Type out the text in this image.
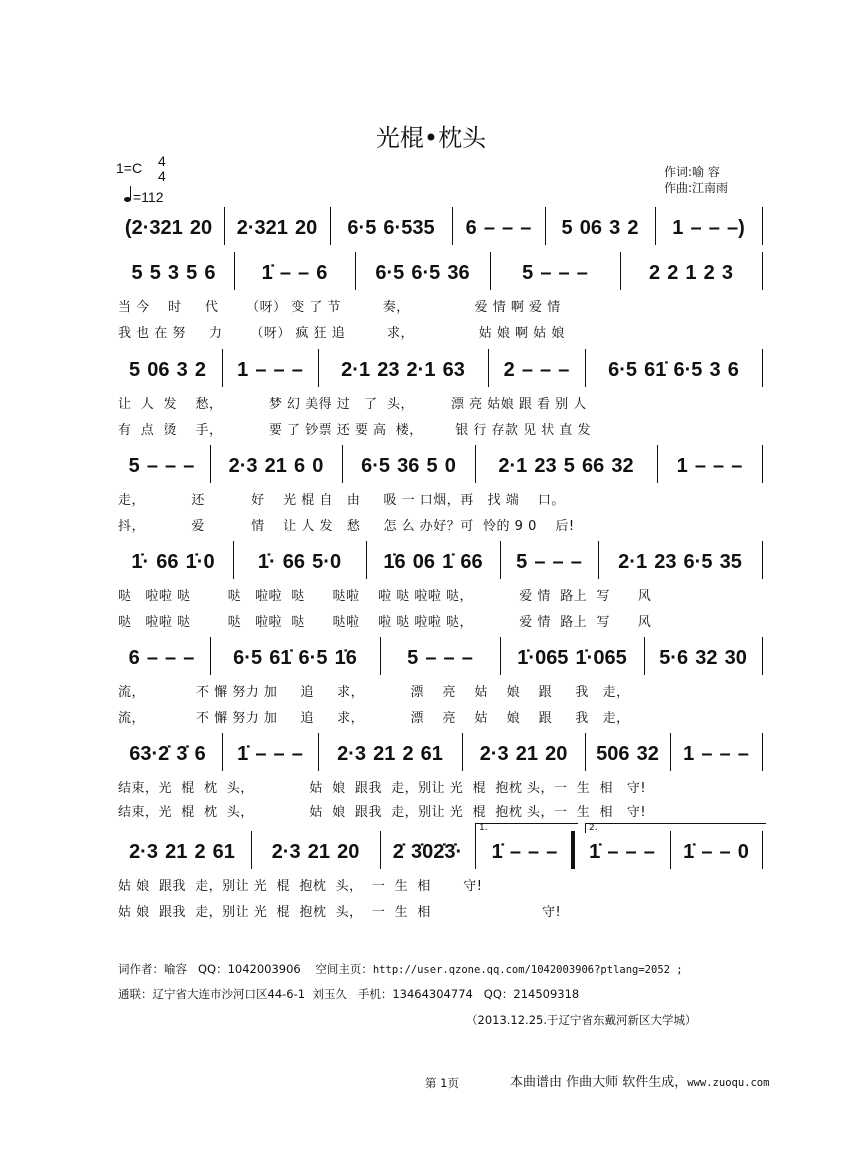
光棍•枕头
1=C 4
4
=112
作词:喻 容
作曲:江南雨
(2·321  20	2·321  20	6·5  6·535	6  –  –  –	5  06  3  2	1  –  –  –)
5  5  3  5  6	1̇  –  –  6	6·5  6·5  36	5  –  –  –	2  2  1  2  3
5  06  3  2	1  –  –  –	2·1  23  2·1  63	2  –  –  –	6·5  61̇  6·5  3  6
5  –  –  –	2·3  21  6  0	6·5  36  5  0	2·1  23  5  66  32	1  –  –  –
1̇·  66  1̇·0	1̇·  66  5·0	1̇6  06  1̇  66	5  –  –  –	2·1  23  6·5  35
6  –  –  –	6·5  61̇  6·5  1̇6	5  –  –  –	1̇·065  1̇·065	5·6  32  30
63·2̇  3̇  6	1̇  –  –  –	2·3  21  2  61	2·3  21  20	506  32	1  –  –  –
2·3  21  2  61	2·3  21  20	2̇  3̇02̇3̇·	1̇  –  –  –	1̇  –  –  –	1̇  –  –  0
1.	2.
当 今    时     代      （呀） 变 了 节         奏，              爱 情 啊 爱 情
我 也 在 努     力      （呀） 疯 狂 追         求，              姑 娘 啊 姑 娘
让  人  发    愁，          梦 幻 美得 过   了  头，        漂 亮 姑娘 跟 看 别 人
有  点  烫    手，          要 了 钞票 还 要 高  楼，       银 行 存款 见 状 直 发
走，          还          好    光 棍 自   由     吸 一 口烟，再   找 端    口。
抖，          爱          情    让 人 发   愁     怎 么 办好？可  怜的 9 0    后!
哒   啦啦 哒        哒   啦啦  哒      哒啦    啦 哒 啦啦 哒，          爱 情  路上  写      风
哒   啦啦 哒        哒   啦啦  哒      哒啦    啦 哒 啦啦 哒，          爱 情  路上  写      风
流，           不 懈 努力 加     追     求，          漂    亮    姑    娘    跟     我   走，
流，           不 懈 努力 加     追     求，          漂    亮    姑    娘    跟     我   走，
结束，光  棍  枕  头，            姑  娘  跟我  走，别让 光  棍  抱枕 头，一  生  相   守!
结束，光  棍  枕  头，            姑  娘  跟我  走，别让 光  棍  抱枕 头，一  生  相   守!
姑 娘  跟我  走，别让 光  棍  抱枕  头，  一  生  相       守!
姑 娘  跟我  走，别让 光  棍  抱枕  头，  一  生  相                        守!
词作者：喻容   QQ：1042003906    空间主页：http://user.qzone.qq.com/1042003906?ptlang=2052 ;
通联：辽宁省大连市沙河口区44-6-1  刘玉久   手机：13464304774   QQ：214509318
（2013.12.25.于辽宁省东戴河新区大学城）
第 1页	本曲谱由 作曲大师 软件生成，www.zuoqu.com
